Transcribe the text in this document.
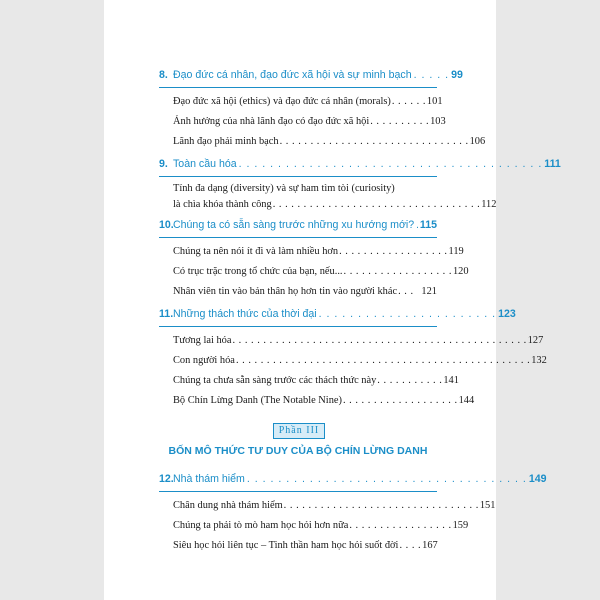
8. Đạo đức cá nhân, đạo đức xã hội và sự minh bạch . . . . . 99
Đạo đức xã hội (ethics) và đạo đức cá nhân (morals) . . . . . . 101
Ảnh hưởng của nhà lãnh đạo có đạo đức xã hội . . . . . . . . . . 103
Lãnh đạo phải minh bạch . . . . . . . . . . . . . . . . . . . . . . . . . . . . . . . 106
9. Toàn cầu hóa . . . . . . . . . . . . . . . . . . . . . . . . . . . . . . . . . . . . . . . 111
Tính đa dạng (diversity) và sự ham tìm tòi (curiosity)
là chìa khóa thành công . . . . . . . . . . . . . . . . . . . . . . . . . . . . . . . . . . 112
10. Chúng ta có sẵn sàng trước những xu hướng mới? 115
Chúng ta nên nói ít đi và làm nhiều hơn . . . . . . . . . . . . . . . . . . 119
Có trục trặc trong tổ chức của bạn, nếu... . . . . . . . . . . . . . . . . . . 120
Nhân viên tin vào bản thân họ hơn tin vào người khác . . . 121
11. Những thách thức của thời đại . . . . . . . . . . . . . . . . . . . . . . . 123
Tương lai hóa . . . . . . . . . . . . . . . . . . . . . . . . . . . . . . . . . . . . . . . . . . . . . . . . 127
Con người hóa . . . . . . . . . . . . . . . . . . . . . . . . . . . . . . . . . . . . . . . . . . . . . . . . 132
Chúng ta chưa sẵn sàng trước các thách thức này . . . . . . . . . . . 141
Bộ Chín Lừng Danh (The Notable Nine) . . . . . . . . . . . . . . . . . . . 144
Phần III
BỐN MÔ THỨC TƯ DUY CỦA BỘ CHÍN LỪNG DANH
12. Nhà thám hiểm . . . . . . . . . . . . . . . . . . . . . . . . . . . . . . . . . . . . 149
Chân dung nhà thám hiểm . . . . . . . . . . . . . . . . . . . . . . . . . . . . . . . . 151
Chúng ta phải tò mò ham học hỏi hơn nữa . . . . . . . . . . . . . . . . . 159
Siêu học hỏi liên tục – Tinh thần ham học hỏi suốt đời . . . . 167
